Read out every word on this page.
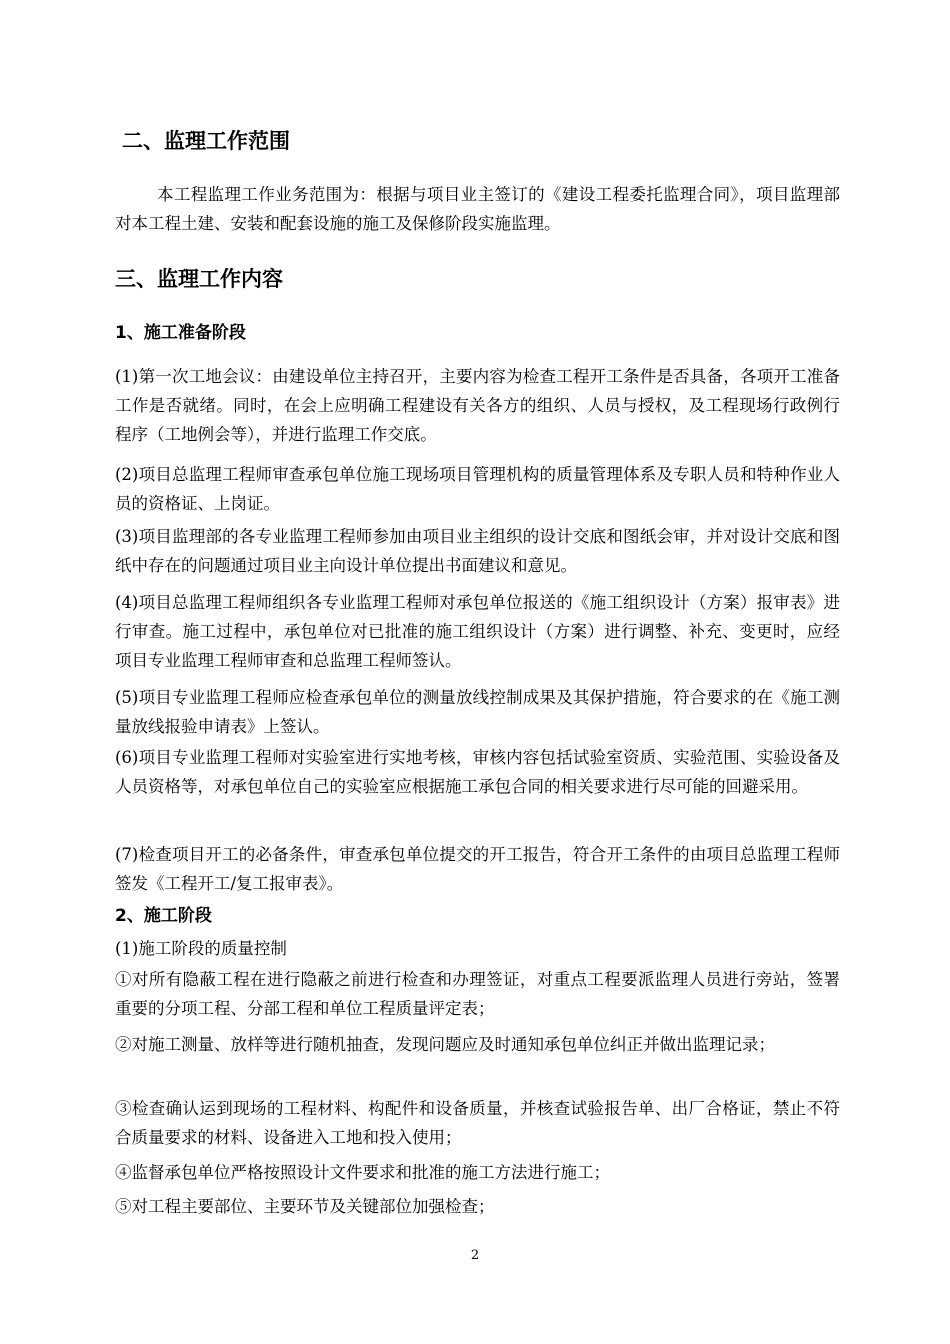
二、监理工作范围

本工程监理工作业务范围为：根据与项目业主签订的《建设工程委托监理合同》，项目监理部对本工程土建、安装和配套设施的施工及保修阶段实施监理。

三、监理工作内容
1、施工准备阶段

(1)第一次工地会议：由建设单位主持召开，主要内容为检查工程开工条件是否具备，各项开工准备工作是否就绪。同时，在会上应明确工程建设有关各方的组织、人员与授权，及工程现场行政例行程序（工地例会等），并进行监理工作交底。

(2)项目总监理工程师审查承包单位施工现场项目管理机构的质量管理体系及专职人员和特种作业人员的资格证、上岗证。

(3)项目监理部的各专业监理工程师参加由项目业主组织的设计交底和图纸会审，并对设计交底和图纸中存在的问题通过项目业主向设计单位提出书面建议和意见。

(4)项目总监理工程师组织各专业监理工程师对承包单位报送的《施工组织设计（方案）报审表》进行审查。施工过程中，承包单位对已批准的施工组织设计（方案）进行调整、补充、变更时，应经项目专业监理工程师审查和总监理工程师签认。

(5)项目专业监理工程师应检查承包单位的测量放线控制成果及其保护措施，符合要求的在《施工测量放线报验申请表》上签认。

(6)项目专业监理工程师对实验室进行实地考核，审核内容包括试验室资质、实验范围、实验设备及人员资格等，对承包单位自己的实验室应根据施工承包合同的相关要求进行尽可能的回避采用。

(7)检查项目开工的必备条件，审查承包单位提交的开工报告，符合开工条件的由项目总监理工程师签发《工程开工/复工报审表》。

2、施工阶段

(1)施工阶段的质量控制

①对所有隐蔽工程在进行隐蔽之前进行检查和办理签证，对重点工程要派监理人员进行旁站，签署重要的分项工程、分部工程和单位工程质量评定表；

②对施工测量、放样等进行随机抽查，发现问题应及时通知承包单位纠正并做出监理记录；

③检查确认运到现场的工程材料、构配件和设备质量，并核查试验报告单、出厂合格证，禁止不符合质量要求的材料、设备进入工地和投入使用；

④监督承包单位严格按照设计文件要求和批准的施工方法进行施工；

⑤对工程主要部位、主要环节及关键部位加强检查；

2
